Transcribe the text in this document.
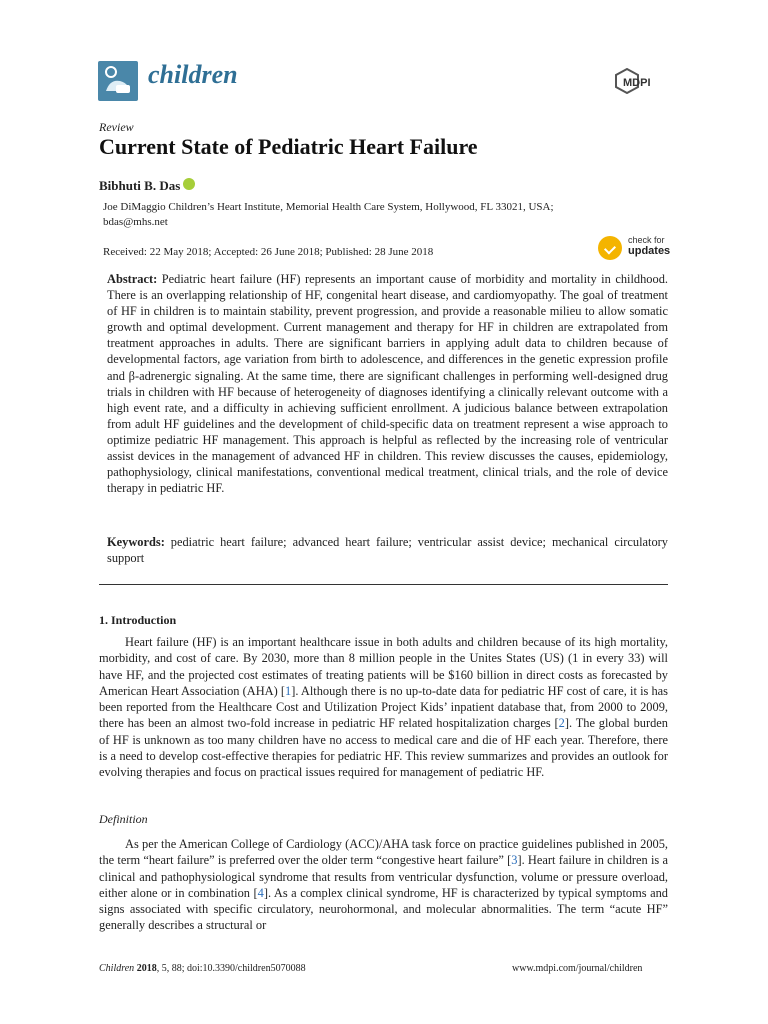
children	MDPI
Review
Current State of Pediatric Heart Failure
Bibhuti B. Das
Joe DiMaggio Children’s Heart Institute, Memorial Health Care System, Hollywood, FL 33021, USA;
bdas@mhs.net
Received: 22 May 2018; Accepted: 26 June 2018; Published: 28 June 2018
check for
updates

Abstract: Pediatric heart failure (HF) represents an important cause of morbidity and mortality in childhood. There is an overlapping relationship of HF, congenital heart disease, and cardiomyopathy. The goal of treatment of HF in children is to maintain stability, prevent progression, and provide a reasonable milieu to allow somatic growth and optimal development. Current management and therapy for HF in children are extrapolated from treatment approaches in adults. There are significant barriers in applying adult data to children because of developmental factors, age variation from birth to adolescence, and differences in the genetic expression profile and β-adrenergic signaling. At the same time, there are significant challenges in performing well-designed drug trials in children with HF because of heterogeneity of diagnoses identifying a clinically relevant outcome with a high event rate, and a difficulty in achieving sufficient enrollment. A judicious balance between extrapolation from adult HF guidelines and the development of child-specific data on treatment represent a wise approach to optimize pediatric HF management. This approach is helpful as reflected by the increasing role of ventricular assist devices in the management of advanced HF in children. This review discusses the causes, epidemiology, pathophysiology, clinical manifestations, conventional medical treatment, clinical trials, and the role of device therapy in pediatric HF.

Keywords: pediatric heart failure; advanced heart failure; ventricular assist device; mechanical circulatory support

1. Introduction

Heart failure (HF) is an important healthcare issue in both adults and children because of its high mortality, morbidity, and cost of care. By 2030, more than 8 million people in the Unites States (US) (1 in every 33) will have HF, and the projected cost estimates of treating patients will be $160 billion in direct costs as forecasted by American Heart Association (AHA) [1]. Although there is no up-to-date data for pediatric HF cost of care, it is has been reported from the Healthcare Cost and Utilization Project Kids’ inpatient database that, from 2000 to 2009, there has been an almost two-fold increase in pediatric HF related hospitalization charges [2]. The global burden of HF is unknown as too many children have no access to medical care and die of HF each year. Therefore, there is a need to develop cost-effective therapies for pediatric HF. This review summarizes and provides an outlook for evolving therapies and focus on practical issues required for management of pediatric HF.

Definition

As per the American College of Cardiology (ACC)/AHA task force on practice guidelines published in 2005, the term “heart failure” is preferred over the older term “congestive heart failure” [3]. Heart failure in children is a clinical and pathophysiological syndrome that results from ventricular dysfunction, volume or pressure overload, either alone or in combination [4]. As a complex clinical syndrome, HF is characterized by typical symptoms and signs associated with specific circulatory, neurohormonal, and molecular abnormalities. The term “acute HF” generally describes a structural or

Children 2018, 5, 88; doi:10.3390/children5070088	www.mdpi.com/journal/children
